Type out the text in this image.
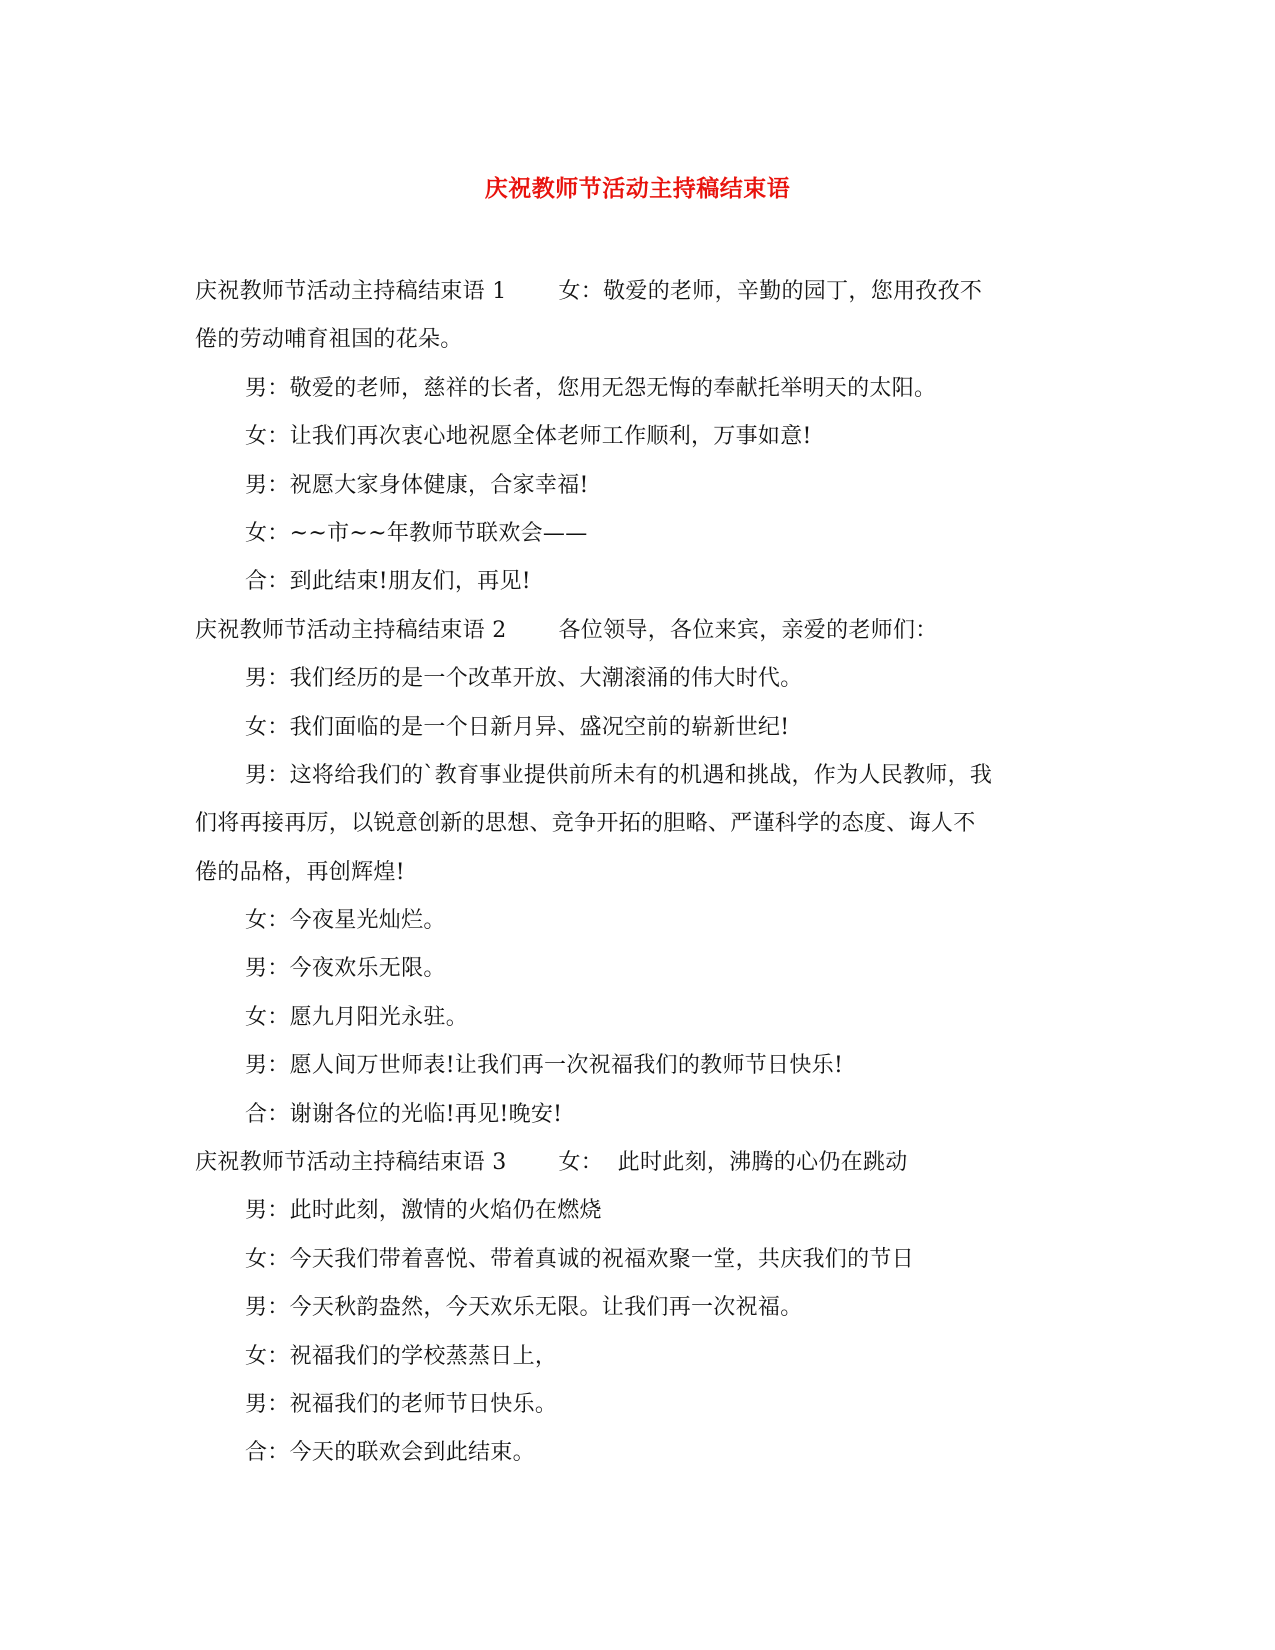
庆祝教师节活动主持稿结束语
庆祝教师节活动主持稿结束语 1 女：敬爱的老师，辛勤的园丁，您用孜孜不
倦的劳动哺育祖国的花朵。
男：敬爱的老师，慈祥的长者，您用无怨无悔的奉献托举明天的太阳。
女：让我们再次衷心地祝愿全体老师工作顺利，万事如意!
男：祝愿大家身体健康，合家幸福!
女：~~市~~年教师节联欢会——
合：到此结束!朋友们，再见!
庆祝教师节活动主持稿结束语 2 各位领导，各位来宾，亲爱的老师们：
男：我们经历的是一个改革开放、大潮滚涌的伟大时代。
女：我们面临的是一个日新月异、盛况空前的崭新世纪!
男：这将给我们的`教育事业提供前所未有的机遇和挑战，作为人民教师，我
们将再接再厉，以锐意创新的思想、竞争开拓的胆略、严谨科学的态度、诲人不
倦的品格，再创辉煌!
女：今夜星光灿烂。
男：今夜欢乐无限。
女：愿九月阳光永驻。
男：愿人间万世师表!让我们再一次祝福我们的教师节日快乐!
合：谢谢各位的光临!再见!晚安!
庆祝教师节活动主持稿结束语 3 女：  此时此刻，沸腾的心仍在跳动
男：此时此刻，激情的火焰仍在燃烧
女：今天我们带着喜悦、带着真诚的祝福欢聚一堂，共庆我们的节日
男：今天秋韵盎然，今天欢乐无限。让我们再一次祝福。
女：祝福我们的学校蒸蒸日上，
男：祝福我们的老师节日快乐。
合：今天的联欢会到此结束。
